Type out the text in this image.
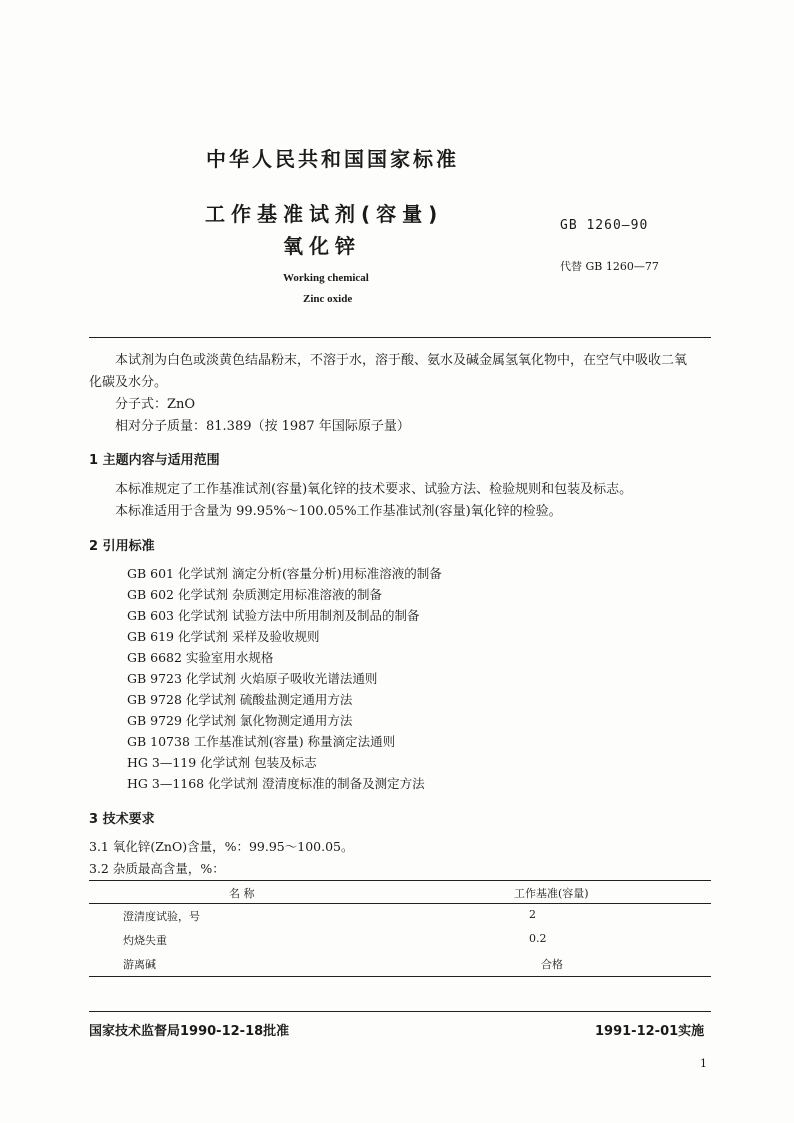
中华人民共和国国家标准
工作基准试剂(容量)
氧化锌
Working chemical
Zinc oxide
GB 1260—90
代替 GB 1260—77

本试剂为白色或淡黄色结晶粉末，不溶于水，溶于酸、氨水及碱金属氢氧化物中，在空气中吸收二氧

化碳及水分。

分子式：ZnO

相对分子质量：81.389（按 1987 年国际原子量）

1 主题内容与适用范围

本标准规定了工作基准试剂(容量)氧化锌的技术要求、试验方法、检验规则和包装及标志。

本标准适用于含量为 99.95%～100.05%工作基准试剂(容量)氧化锌的检验。

2 引用标准
GB 601 化学试剂 滴定分析(容量分析)用标准溶液的制备
GB 602 化学试剂 杂质测定用标准溶液的制备
GB 603 化学试剂 试验方法中所用制剂及制品的制备
GB 619 化学试剂 采样及验收规则
GB 6682 实验室用水规格
GB 9723 化学试剂 火焰原子吸收光谱法通则
GB 9728 化学试剂 硫酸盐测定通用方法
GB 9729 化学试剂 氯化物测定通用方法
GB 10738 工作基准试剂(容量) 称量滴定法通则
HG 3—119 化学试剂 包装及标志
HG 3—1168 化学试剂 澄清度标准的制备及测定方法
3 技术要求
3.1 氧化锌(ZnO)含量，%：99.95～100.05。
3.2 杂质最高含量，%：
名 称	工作基准(容量)
澄清度试验，号	2
灼烧失重	0.2
游离碱	合格
国家技术监督局1990-12-18批准	1991-12-01实施
1
